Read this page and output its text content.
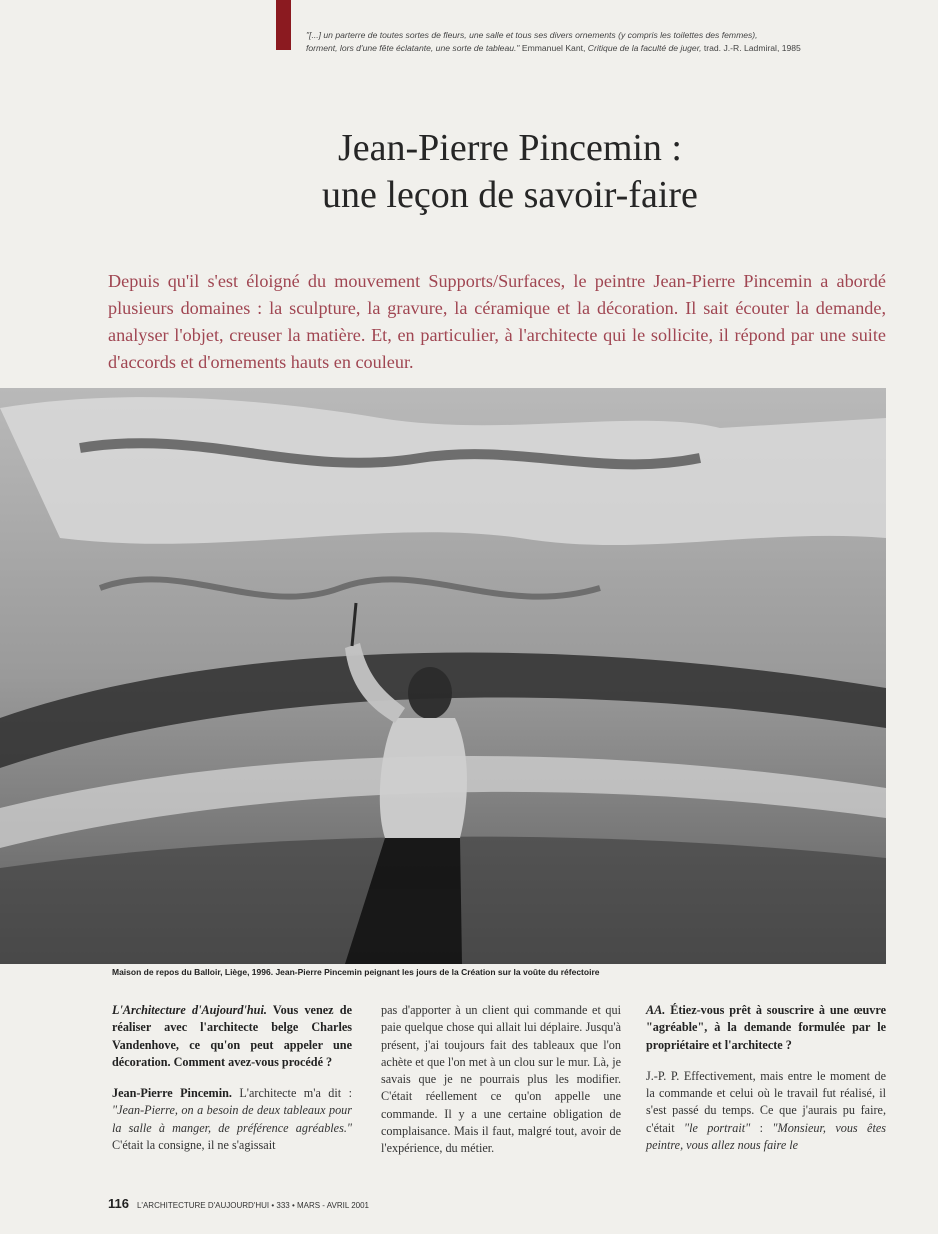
"[...] un parterre de toutes sortes de fleurs, une salle et tous ses divers ornements (y compris les toilettes des femmes),

forment, lors d'une fête éclatante, une sorte de tableau." Emmanuel Kant, Critique de la faculté de juger, trad. J.-R. Ladmiral, 1985

Jean-Pierre Pincemin :
une leçon de savoir-faire

Depuis qu'il s'est éloigné du mouvement Supports/Surfaces, le peintre Jean-Pierre Pincemin a abordé plusieurs domaines : la sculpture, la gravure, la céramique et la décoration. Il sait écouter la demande, analyser l'objet, creuser la matière. Et, en particulier, à l'architecte qui le sollicite, il répond par une suite d'accords et d'ornements hauts en couleur.

Maison de repos du Balloir, Liège, 1996. Jean-Pierre Pincemin peignant les jours de la Création sur la voûte du réfectoire

L'Architecture d'Aujourd'hui. Vous venez de réaliser avec l'architecte belge Charles Vandenhove, ce qu'on peut appeler une décoration. Comment avez-vous procédé ?

Jean-Pierre Pincemin. L'architecte m'a dit : "Jean-Pierre, on a besoin de deux tableaux pour la salle à manger, de préférence agréables." C'était la consigne, il ne s'agissait

pas d'apporter à un client qui commande et qui paie quelque chose qui allait lui déplaire. Jusqu'à présent, j'ai toujours fait des tableaux que l'on achète et que l'on met à un clou sur le mur. Là, je savais que je ne pourrais plus les modifier. C'était réellement ce qu'on appelle une commande. Il y a une certaine obligation de complaisance. Mais il faut, malgré tout, avoir de l'expérience, du métier.

AA. Étiez-vous prêt à souscrire à une œuvre "agréable", à la demande formulée par le propriétaire et l'architecte ?

J.-P. P. Effectivement, mais entre le moment de la commande et celui où le travail fut réalisé, il s'est passé du temps. Ce que j'aurais pu faire, c'était "le portrait" : "Monsieur, vous êtes peintre, vous allez nous faire le

116 L'ARCHITECTURE D'AUJOURD'HUI • 333 • MARS - AVRIL 2001
